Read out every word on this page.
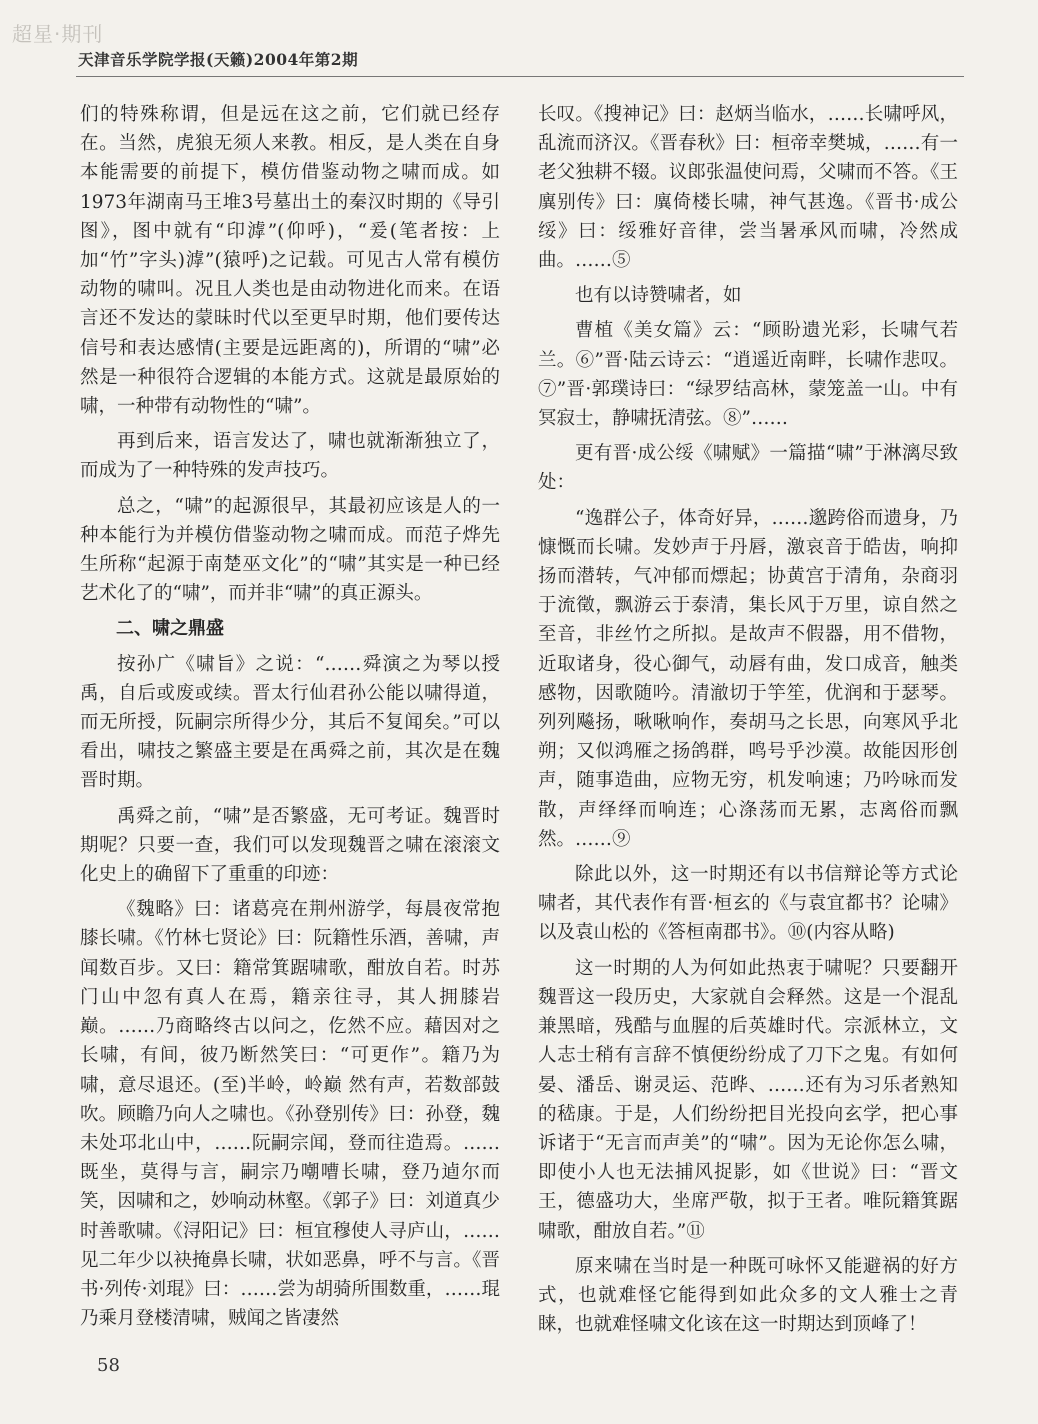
超星·期刊
天津音乐学院学报(天籁)2004年第2期

们的特殊称谓，但是远在这之前，它们就已经存在。当然，虎狼无须人来教。相反，是人类在自身本能需要的前提下，模仿借鉴动物之啸而成。如1973年湖南马王堆3号墓出土的秦汉时期的《导引图》，图中就有“印滹”(仰呼)，“爰(笔者按：上加“竹”字头)滹”(猿呼)之记载。可见古人常有模仿动物的啸叫。况且人类也是由动物进化而来。在语言还不发达的蒙昧时代以至更早时期，他们要传达信号和表达感情(主要是远距离的)，所谓的“啸”必然是一种很符合逻辑的本能方式。这就是最原始的啸，一种带有动物性的“啸”。

再到后来，语言发达了，啸也就渐渐独立了，而成为了一种特殊的发声技巧。

总之，“啸”的起源很早，其最初应该是人的一种本能行为并模仿借鉴动物之啸而成。而范子烨先生所称“起源于南楚巫文化”的“啸”其实是一种已经艺术化了的“啸”，而并非“啸”的真正源头。

二、啸之鼎盛

按孙广《啸旨》之说：“……舜演之为琴以授禹，自后或废或续。晋太行仙君孙公能以啸得道，而无所授，阮嗣宗所得少分，其后不复闻矣。”可以看出，啸技之繁盛主要是在禹舜之前，其次是在魏晋时期。

禹舜之前，“啸”是否繁盛，无可考证。魏晋时期呢？只要一查，我们可以发现魏晋之啸在滚滚文化史上的确留下了重重的印迹：

《魏略》曰：诸葛亮在荆州游学，每晨夜常抱膝长啸。《竹林七贤论》曰：阮籍性乐酒，善啸，声闻数百步。又曰：籍常箕踞啸歌，酣放自若。时苏门山中忽有真人在焉，籍亲往寻，其人拥膝岩巅。……乃商略终古以问之，仡然不应。藉因对之长啸，有间，彼乃断然笑曰：“可更作”。籍乃为啸，意尽退还。(至)半岭，岭巅 然有声，若数部鼓吹。顾瞻乃向人之啸也。《孙登别传》曰：孙登，魏未处邛北山中，……阮嗣宗闻，登而往造焉。……既坐，莫得与言，嗣宗乃嘲嘈长啸，登乃逌尔而笑，因啸和之，妙响动林壑。《郭子》曰：刘道真少时善歌啸。《浔阳记》曰：桓宜穆使人寻庐山，……见二年少以袂掩鼻长啸，状如恶鼻，呼不与言。《晋书·列传·刘琨》曰：……尝为胡骑所围数重，……琨乃乘月登楼清啸，贼闻之皆凄然

长叹。《搜神记》曰：赵炳当临水，……长啸呼风，乱流而济汉。《晋春秋》曰：桓帝幸樊城，……有一老父独耕不辍。议郎张温使问焉，父啸而不答。《王廙别传》曰：廙倚楼长啸，神气甚逸。《晋书·成公绥》曰：绥雅好音律，尝当暑承风而啸，冷然成曲。……⑤

也有以诗赞啸者，如

曹植《美女篇》云：“顾盼遗光彩，长啸气若兰。⑥”晋·陆云诗云：“逍遥近南畔，长啸作悲叹。⑦”晋·郭璞诗曰：“绿罗结高林，蒙笼盖一山。中有冥寂士，静啸抚清弦。⑧”……

更有晋·成公绥《啸赋》一篇描“啸”于淋漓尽致处：

“逸群公子，体奇好异，……邈跨俗而遗身，乃慷慨而长啸。发妙声于丹唇，激哀音于皓齿，响抑扬而潜转，气冲郁而熛起；协黄宫于清角，杂商羽于流徵，飘游云于泰清，集长风于万里，谅自然之至音，非丝竹之所拟。是故声不假器，用不借物，近取诸身，役心御气，动唇有曲，发口成音，触类感物，因歌随吟。清澈切于竽笙，优润和于瑟琴。列列飚扬，啾啾响作，奏胡马之长思，向寒风乎北朔；又似鸿雁之扬鸽群，鸣号乎沙漠。故能因形创声，随事造曲，应物无穷，机发响速；乃吟咏而发散，声绎绎而响连；心涤荡而无累，志离俗而飘然。……⑨

除此以外，这一时期还有以书信辩论等方式论啸者，其代表作有晋·桓玄的《与袁宜都书？论啸》以及袁山松的《答桓南郡书》。⑩(内容从略)

这一时期的人为何如此热衷于啸呢？只要翻开魏晋这一段历史，大家就自会释然。这是一个混乱兼黑暗，残酷与血腥的后英雄时代。宗派林立，文人志士稍有言辞不慎便纷纷成了刀下之鬼。有如何晏、潘岳、谢灵运、范晔、……还有为习乐者熟知的嵇康。于是，人们纷纷把目光投向玄学，把心事诉诸于“无言而声美”的“啸”。因为无论你怎么啸，即使小人也无法捕风捉影，如《世说》曰：“晋文王，德盛功大，坐席严敬，拟于王者。唯阮籍箕踞啸歌，酣放自若。”⑪

原来啸在当时是一种既可咏怀又能避祸的好方式，也就难怪它能得到如此众多的文人雅士之青睐，也就难怪啸文化该在这一时期达到顶峰了！

58
